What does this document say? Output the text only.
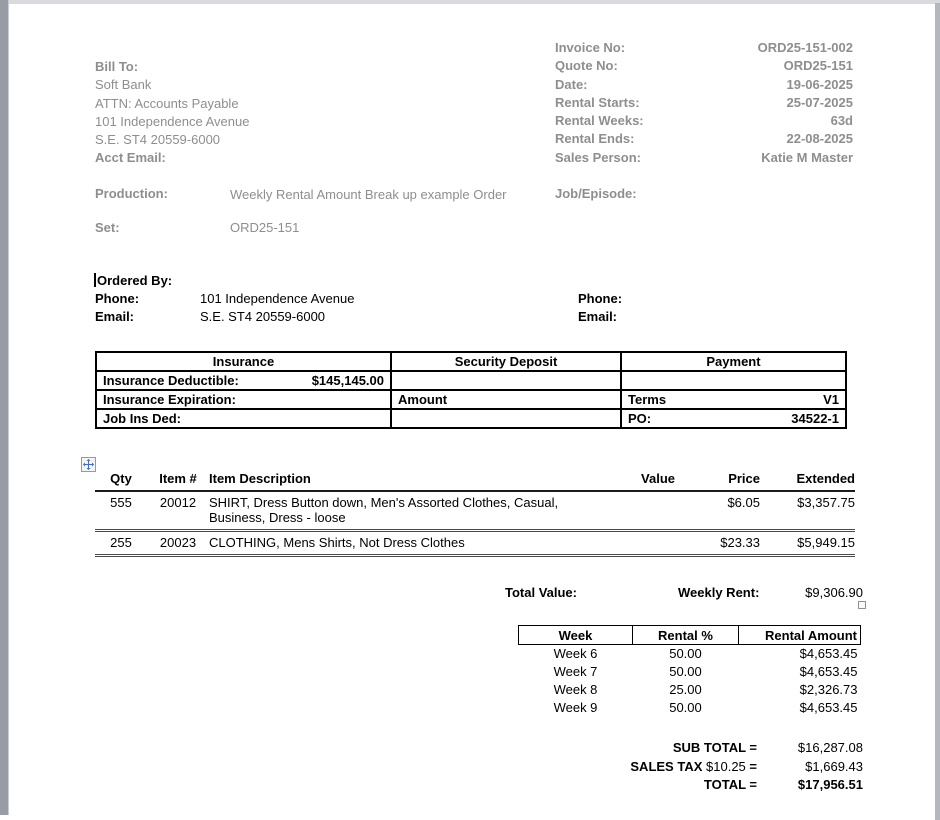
Bill To:
Soft Bank
ATTN: Accounts Payable
101 Independence Avenue
S.E. ST4 20559-6000
Acct Email:
Invoice No:	ORD25-151-002
Quote No:	ORD25-151
Date:	19-06-2025
Rental Starts:	25-07-2025
Rental Weeks:	63d
Rental Ends:	22-08-2025
Sales Person:	Katie M Master
Production:	Weekly Rental Amount Break up example Order	Job/Episode:
Set:	ORD25-151
Ordered By:
Phone:	101 Independence Avenue	Phone:
Email:	S.E. ST4 20559-6000	Email:
Insurance	Security Deposit	Payment

Insurance Deductible: $145,145.00		

Insurance Expiration:	Amount	Terms V1

Job Ins Ded:		PO: 34522-1
Qty	Item #	Item Description	Value	Price	Extended
555	20012	SHIRT, Dress Button down, Men's Assorted Clothes, Casual, Business, Dress - loose		$6.05	$3,357.75
255	20023	CLOTHING, Mens Shirts, Not Dress Clothes		$23.33	$5,949.15
Total Value:	Weekly Rent:	$9,306.90
Week	Rental %	Rental Amount
Week 6	50.00	$4,653.45
Week 7	50.00	$4,653.45
Week 8	25.00	$2,326.73
Week 9	50.00	$4,653.45
SUB TOTAL =	$16,287.08
SALES TAX $10.25 =	$1,669.43
TOTAL =	$17,956.51
